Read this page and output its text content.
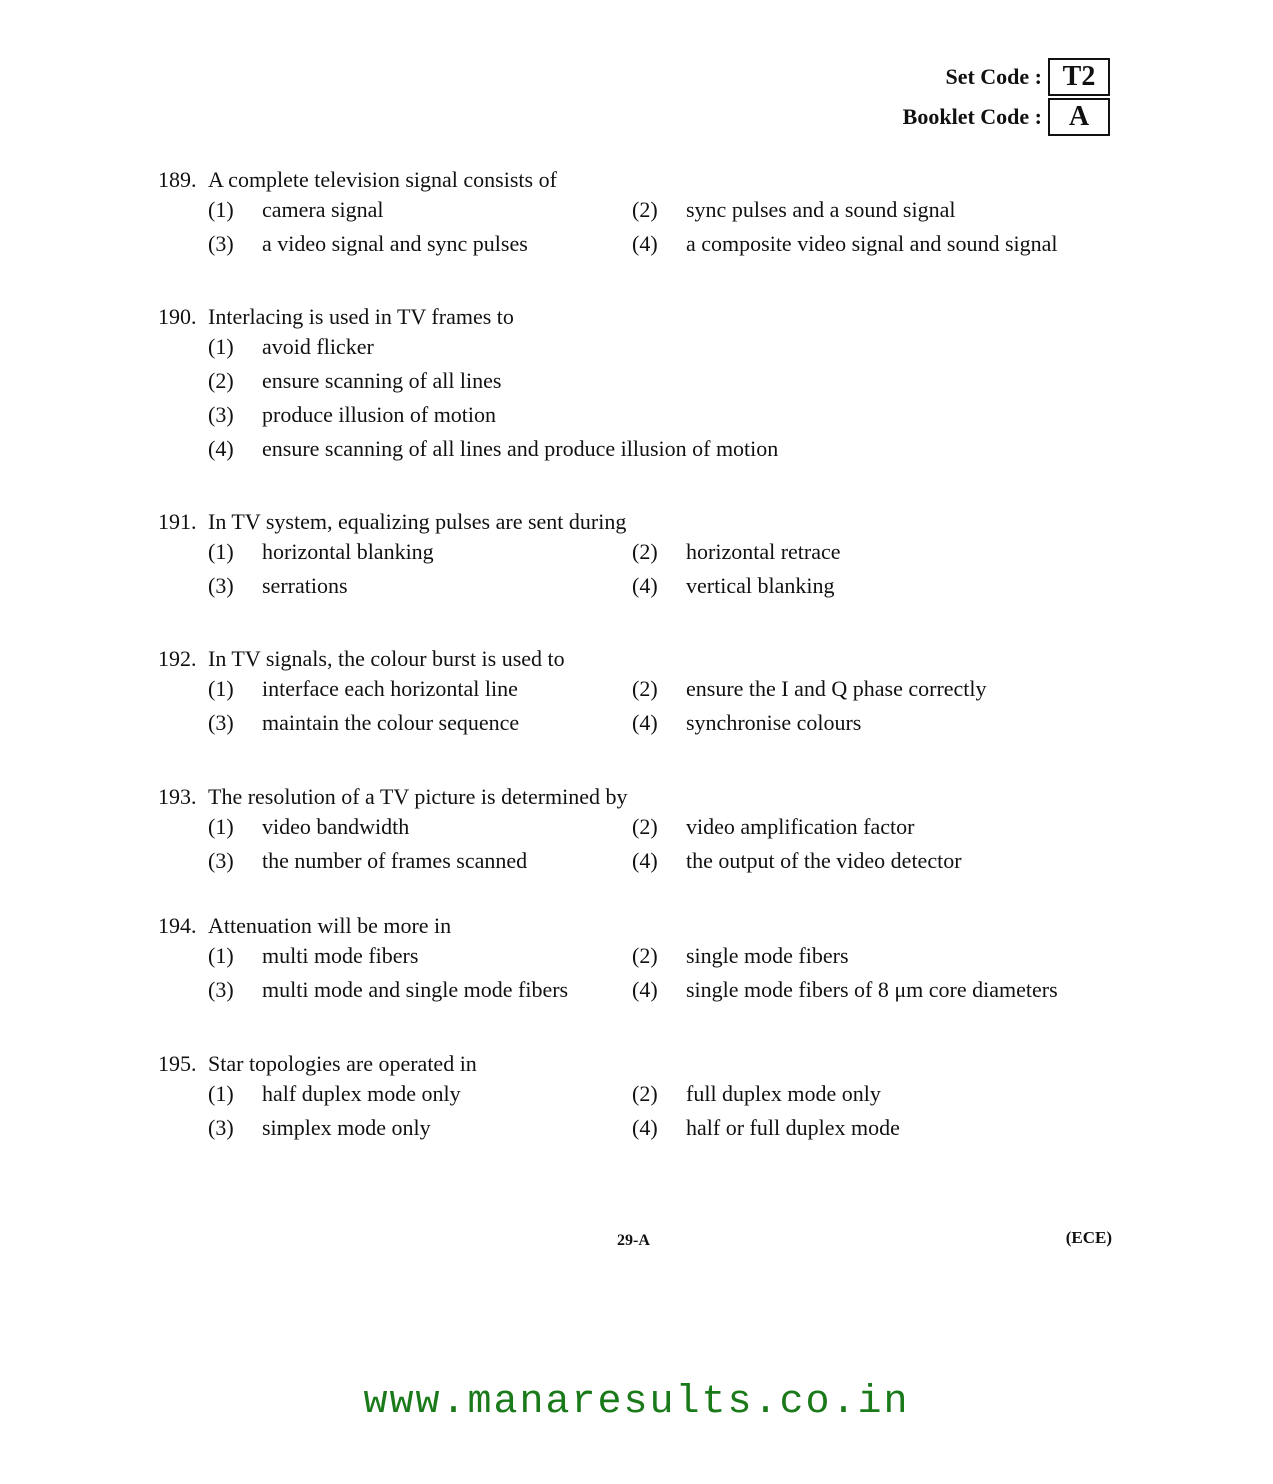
Set Code : T2
Booklet Code : A
189. A complete television signal consists of
(1) camera signal	(2) sync pulses and a sound signal
(3) a video signal and sync pulses	(4) a composite video signal and sound signal
190. Interlacing is used in TV frames to
(1) avoid flicker
(2) ensure scanning of all lines
(3) produce illusion of motion
(4) ensure scanning of all lines and produce illusion of motion
191. In TV system, equalizing pulses are sent during
(1) horizontal blanking	(2) horizontal retrace
(3) serrations	(4) vertical blanking
192. In TV signals, the colour burst is used to
(1) interface each horizontal line	(2) ensure the I and Q phase correctly
(3) maintain the colour sequence	(4) synchronise colours
193. The resolution of a TV picture is determined by
(1) video bandwidth	(2) video amplification factor
(3) the number of frames scanned	(4) the output of the video detector
194. Attenuation will be more in
(1) multi mode fibers	(2) single mode fibers
(3) multi mode and single mode fibers	(4) single mode fibers of 8 μm core diameters
195. Star topologies are operated in
(1) half duplex mode only	(2) full duplex mode only
(3) simplex mode only	(4) half or full duplex mode
29-A	(ECE)
www.manaresults.co.in
